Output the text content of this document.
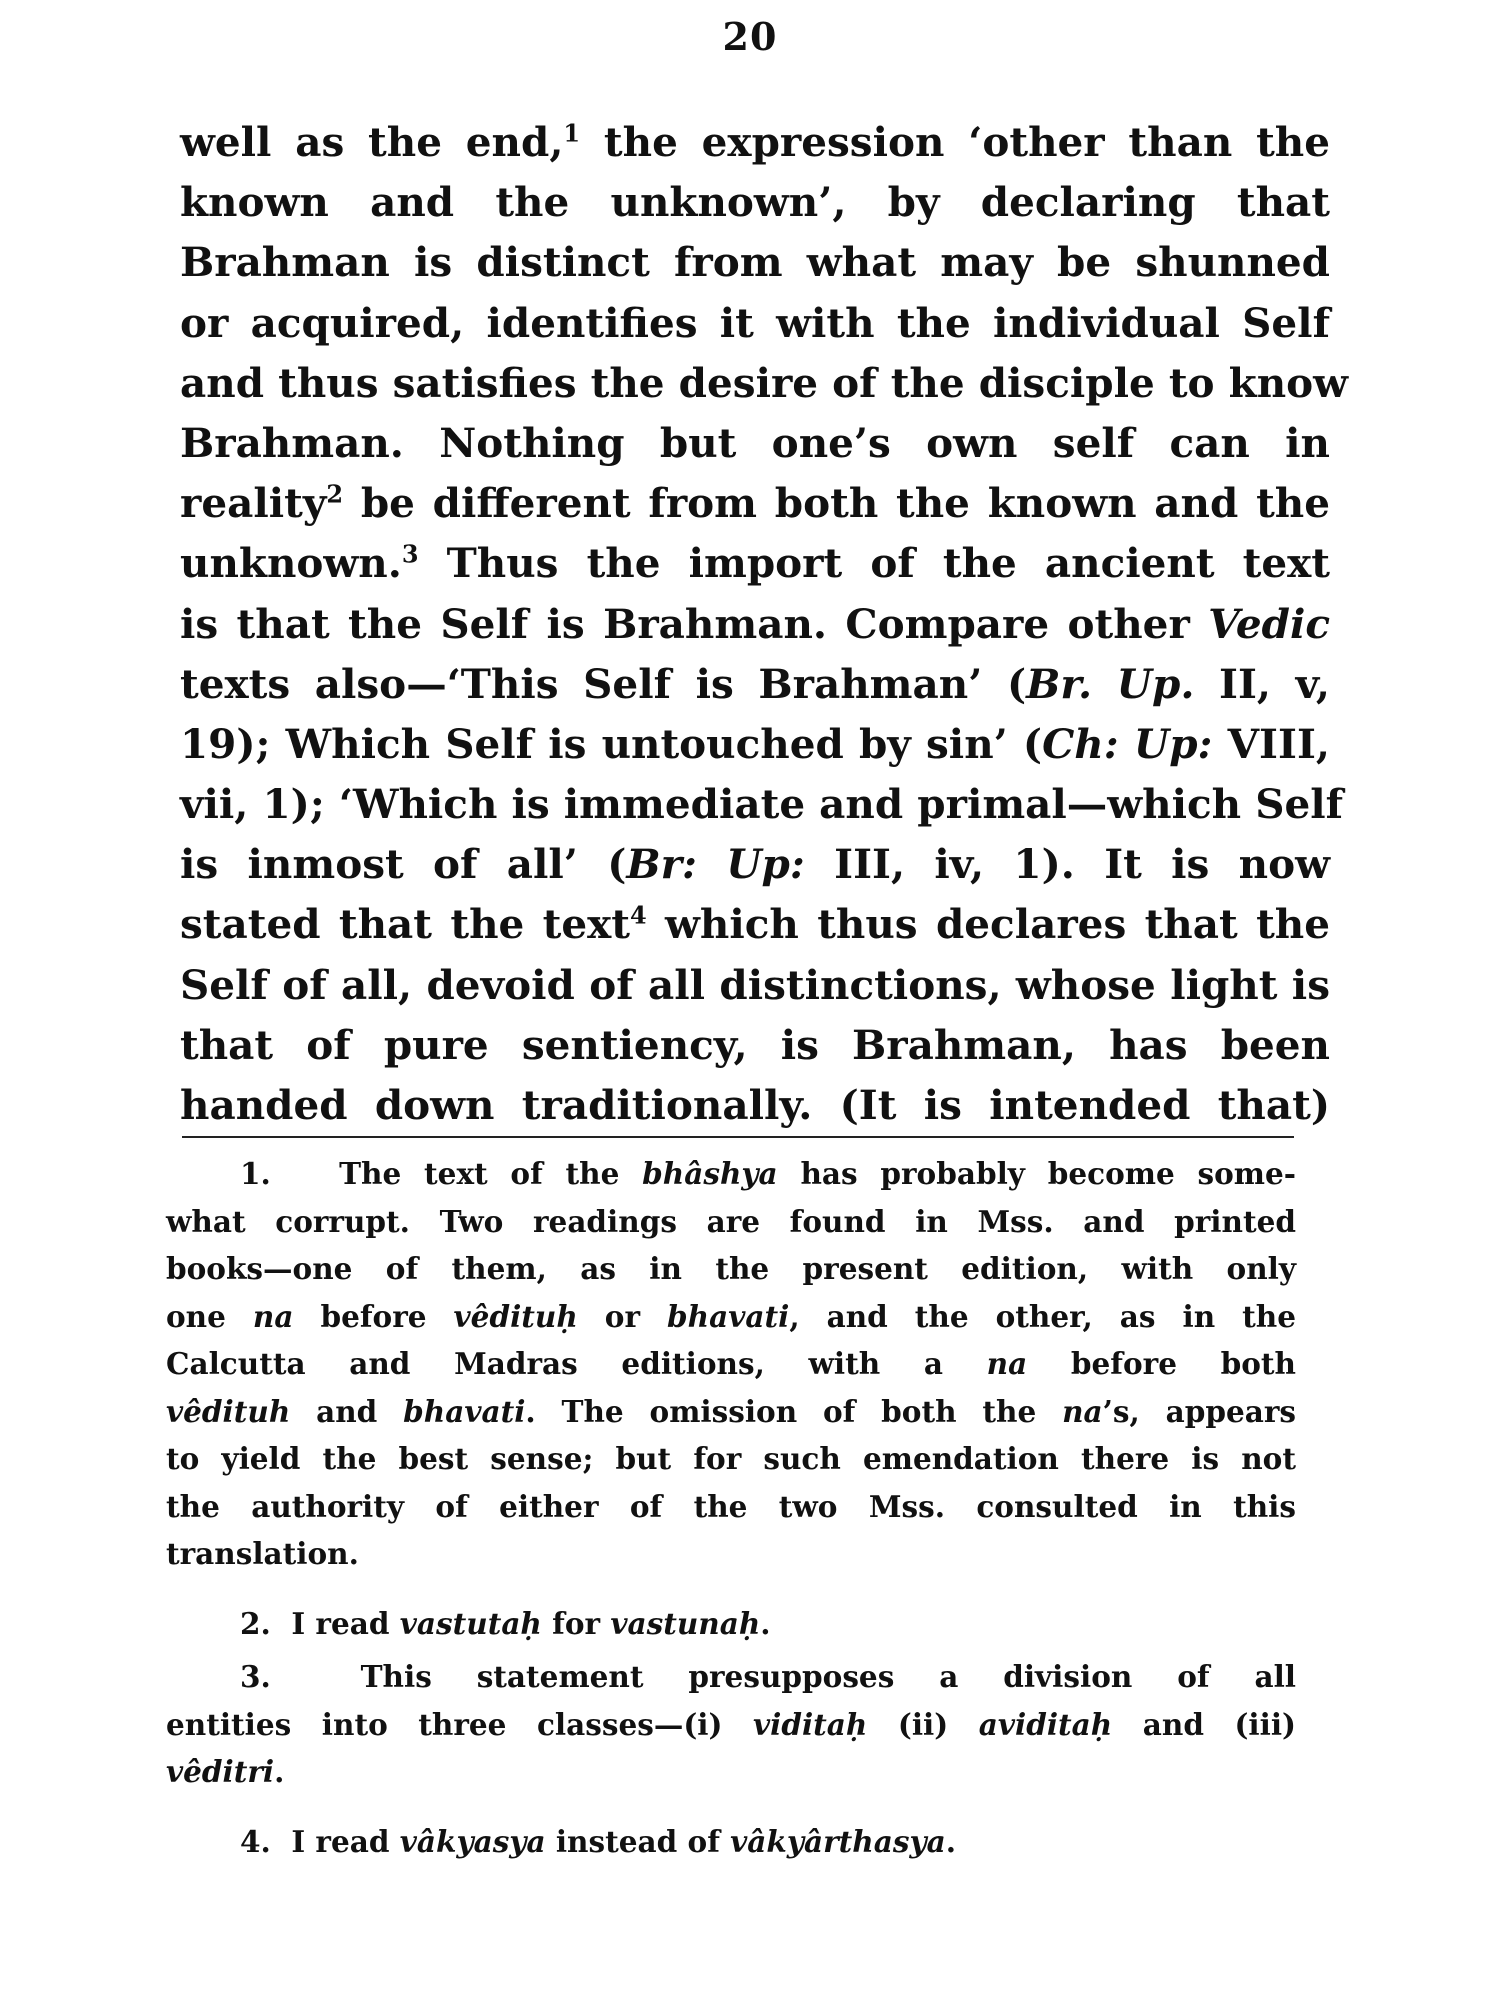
20
well as the end,$^1$ the expression ‘other than the
known and the unknown’, by declaring that
Brahman is distinct from what may be shunned
or acquired, identifies it with the individual Self
and thus satisfies the desire of the disciple to know
Brahman. Nothing but one’s own self can in
reality$^2$ be different from both the known and the
unknown.$^3$ Thus the import of the ancient text
is that the Self is Brahman. Compare other Vedic
texts also—‘This Self is Brahman’ (Br. Up. II, v,
19); Which Self is untouched by sin’ (Ch: Up: VIII,
vii, 1); ‘Which is immediate and primal—which Self
is inmost of all’ (Br: Up: III, iv, 1). It is now
stated that the text$^4$ which thus declares that the
Self of all, devoid of all distinctions, whose light is
that of pure sentiency, is Brahman, has been
handed down traditionally. (It is intended that)
1. The text of the bhâshya has probably become some-
what corrupt. Two readings are found in Mss. and printed
books—one of them, as in the present edition, with only
one na before vêdituḥ or bhavati, and the other, as in the
Calcutta and Madras editions, with a na before both
vêdituh and bhavati. The omission of both the na’s, appears
to yield the best sense; but for such emendation there is not
the authority of either of the two Mss. consulted in this
translation.
2. I read vastutaḥ for vastunaḥ.
3.	This statement presupposes a division of all
entities into three classes—(i) viditaḥ (ii) aviditaḥ and (iii)
vêditri.
4. I read vâkyasya instead of vâkyârthasya.
